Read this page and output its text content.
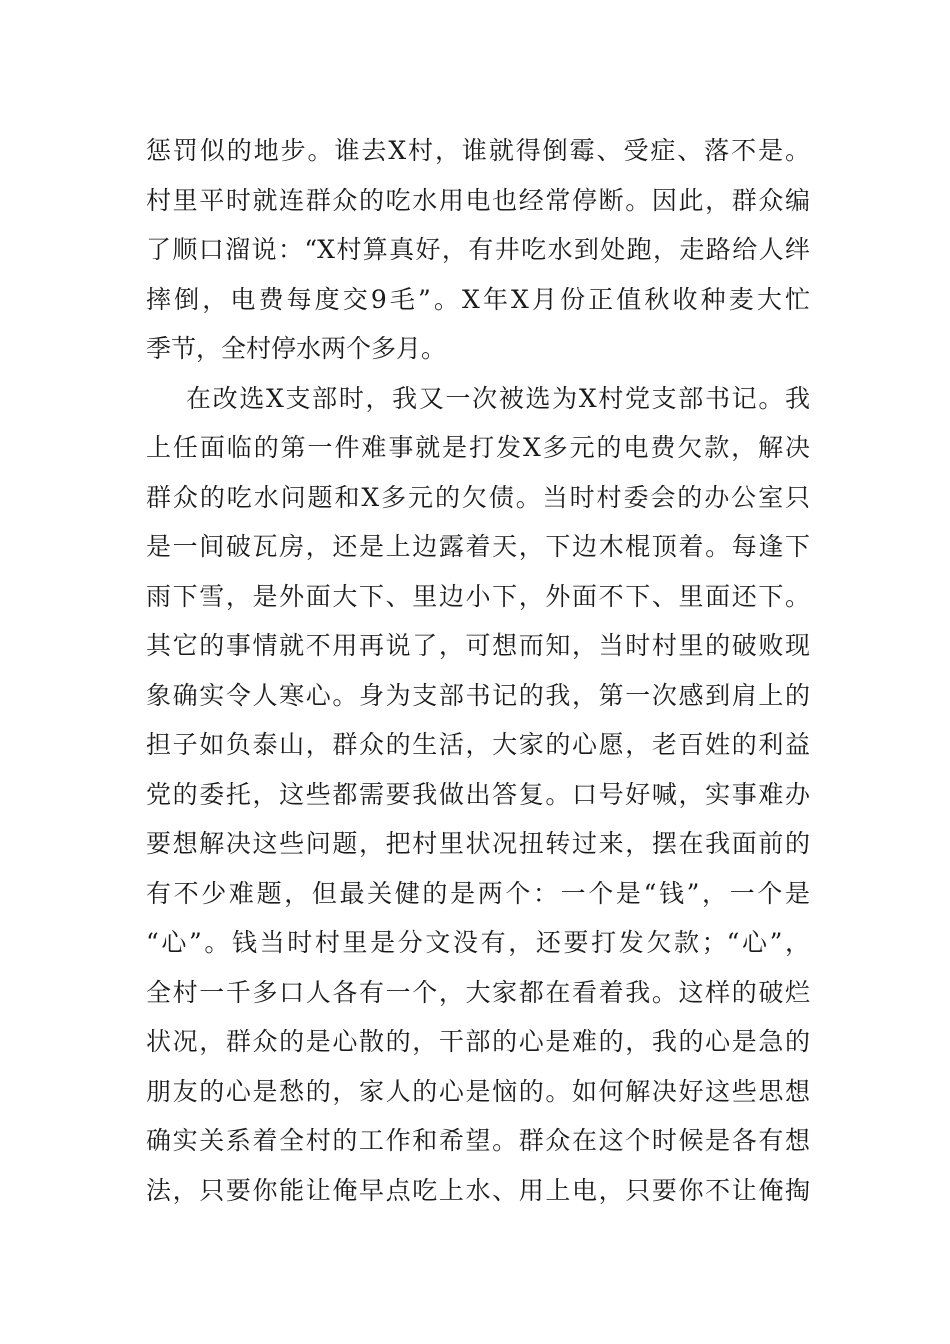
惩罚似的地步。谁去X村，谁就得倒霉、受症、落不是。
村里平时就连群众的吃水用电也经常停断。因此，群众编
了顺口溜说：“X村算真好，有井吃水到处跑，走路给人绊
摔倒，电费每度交9毛”。X年X月份正值秋收种麦大忙
季节，全村停水两个多月。
在改选X支部时，我又一次被选为X村党支部书记。我
上任面临的第一件难事就是打发X多元的电费欠款，解决
群众的吃水问题和X多元的欠债。当时村委会的办公室只
是一间破瓦房，还是上边露着天，下边木棍顶着。每逢下
雨下雪，是外面大下、里边小下，外面不下、里面还下。
其它的事情就不用再说了，可想而知，当时村里的破败现
象确实令人寒心。身为支部书记的我，第一次感到肩上的
担子如负泰山，群众的生活，大家的心愿，老百姓的利益
党的委托，这些都需要我做出答复。口号好喊，实事难办
要想解决这些问题，把村里状况扭转过来，摆在我面前的
有不少难题，但最关健的是两个：一个是“钱”，一个是
“心”。钱当时村里是分文没有，还要打发欠款；“心”，
全村一千多口人各有一个，大家都在看着我。这样的破烂
状况，群众的是心散的，干部的心是难的，我的心是急的
朋友的心是愁的，家人的心是恼的。如何解决好这些思想
确实关系着全村的工作和希望。群众在这个时候是各有想
法，只要你能让俺早点吃上水、用上电，只要你不让俺掏
